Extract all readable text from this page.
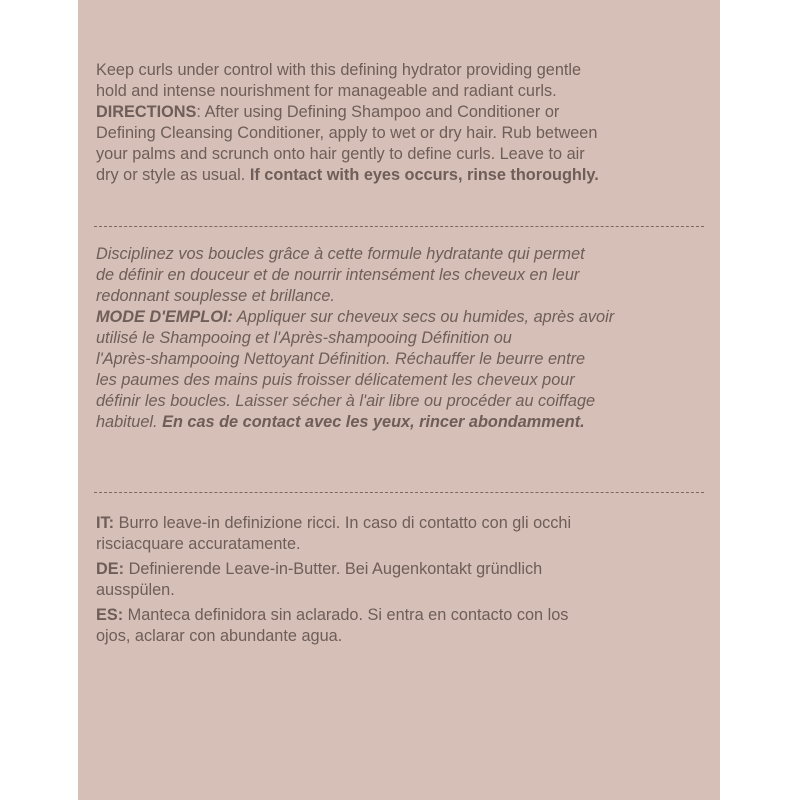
Keep curls under control with this defining hydrator providing gentle
hold and intense nourishment for manageable and radiant curls.
DIRECTIONS: After using Defining Shampoo and Conditioner or
Defining Cleansing Conditioner, apply to wet or dry hair. Rub between
your palms and scrunch onto hair gently to define curls. Leave to air
dry or style as usual. If contact with eyes occurs, rinse thoroughly.
Disciplinez vos boucles grâce à cette formule hydratante qui permet
de définir en douceur et de nourrir intensément les cheveux en leur
redonnant souplesse et brillance.
MODE D'EMPLOI: Appliquer sur cheveux secs ou humides, après avoir
utilisé le Shampooing et l'Après-shampooing Définition ou
l'Après-shampooing Nettoyant Définition. Réchauffer le beurre entre
les paumes des mains puis froisser délicatement les cheveux pour
définir les boucles. Laisser sécher à l'air libre ou procéder au coiffage
habituel. En cas de contact avec les yeux, rincer abondamment.
IT: Burro leave-in definizione ricci. In caso di contatto con gli occhi
risciacquare accuratamente.
DE: Definierende Leave-in-Butter. Bei Augenkontakt gründlich
ausspülen.
ES: Manteca definidora sin aclarado. Si entra en contacto con los
ojos, aclarar con abundante agua.
